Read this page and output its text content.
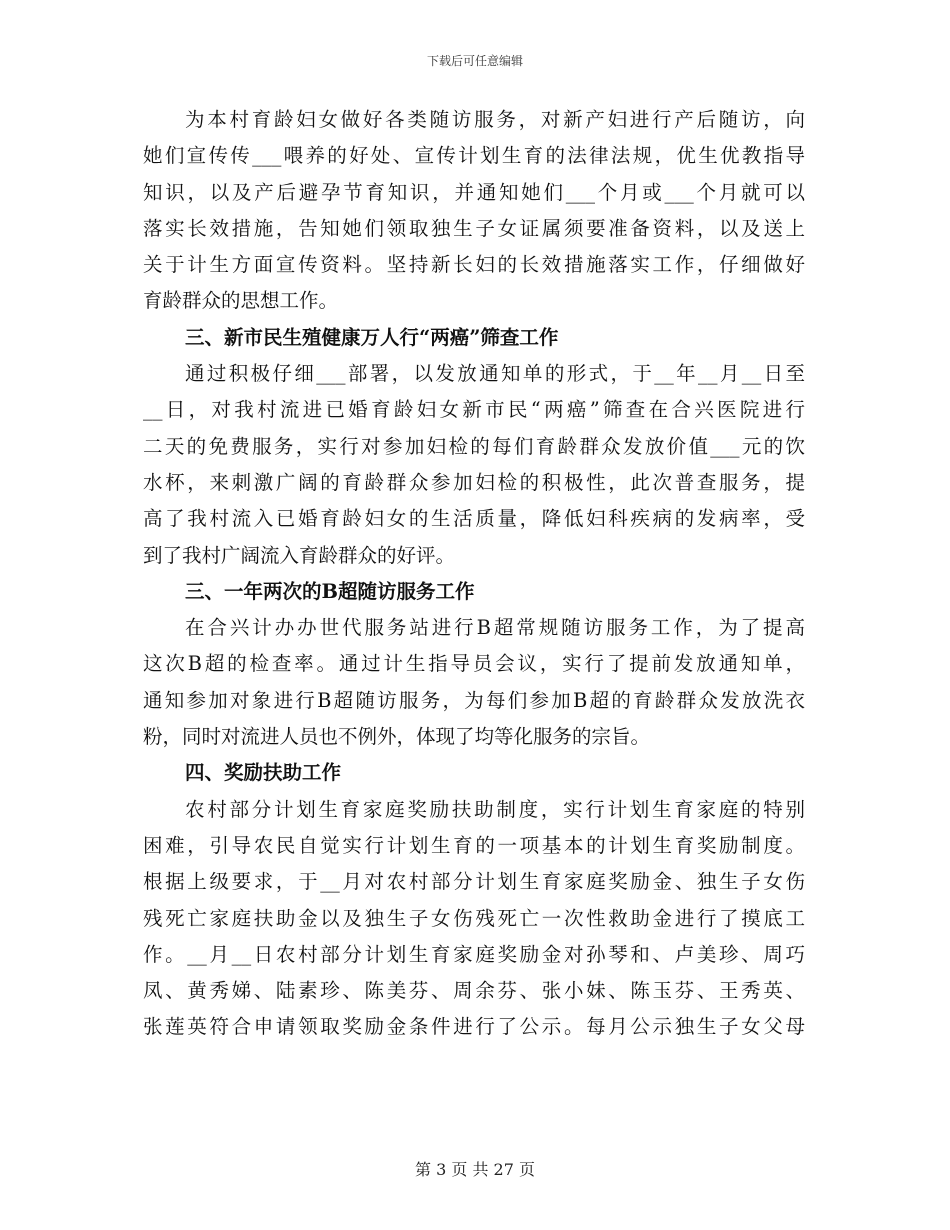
下载后可任意编辑
为本村育龄妇女做好各类随访服务，对新产妇进行产后随访，向
她们宣传传___喂养的好处、宣传计划生育的法律法规，优生优教指导
知识，以及产后避孕节育知识，并通知她们___个月或___个月就可以
落实长效措施，告知她们领取独生子女证属须要准备资料，以及送上
关于计生方面宣传资料。坚持新长妇的长效措施落实工作，仔细做好
育龄群众的思想工作。
三、新市民生殖健康万人行“两癌”筛查工作
通过积极仔细___部署，以发放通知单的形式，于__年__月__日至
__日，对我村流进已婚育龄妇女新市民“两癌”筛查在合兴医院进行
二天的免费服务，实行对参加妇检的每们育龄群众发放价值___元的饮
水杯，来刺激广阔的育龄群众参加妇检的积极性，此次普查服务，提
高了我村流入已婚育龄妇女的生活质量，降低妇科疾病的发病率，受
到了我村广阔流入育龄群众的好评。
三、一年两次的B超随访服务工作
在合兴计办办世代服务站进行B超常规随访服务工作，为了提高
这次B超的检查率。通过计生指导员会议，实行了提前发放通知单，
通知参加对象进行B超随访服务，为每们参加B超的育龄群众发放洗衣
粉，同时对流进人员也不例外，体现了均等化服务的宗旨。
四、奖励扶助工作
农村部分计划生育家庭奖励扶助制度，实行计划生育家庭的特别
困难，引导农民自觉实行计划生育的一项基本的计划生育奖励制度。
根据上级要求，于__月对农村部分计划生育家庭奖励金、独生子女伤
残死亡家庭扶助金以及独生子女伤残死亡一次性救助金进行了摸底工
作。__月__日农村部分计划生育家庭奖励金对孙琴和、卢美珍、周巧
凤、黄秀娣、陆素珍、陈美芬、周余芬、张小妹、陈玉芬、王秀英、
张莲英符合申请领取奖励金条件进行了公示。每月公示独生子女父母
第 3 页 共 27 页
